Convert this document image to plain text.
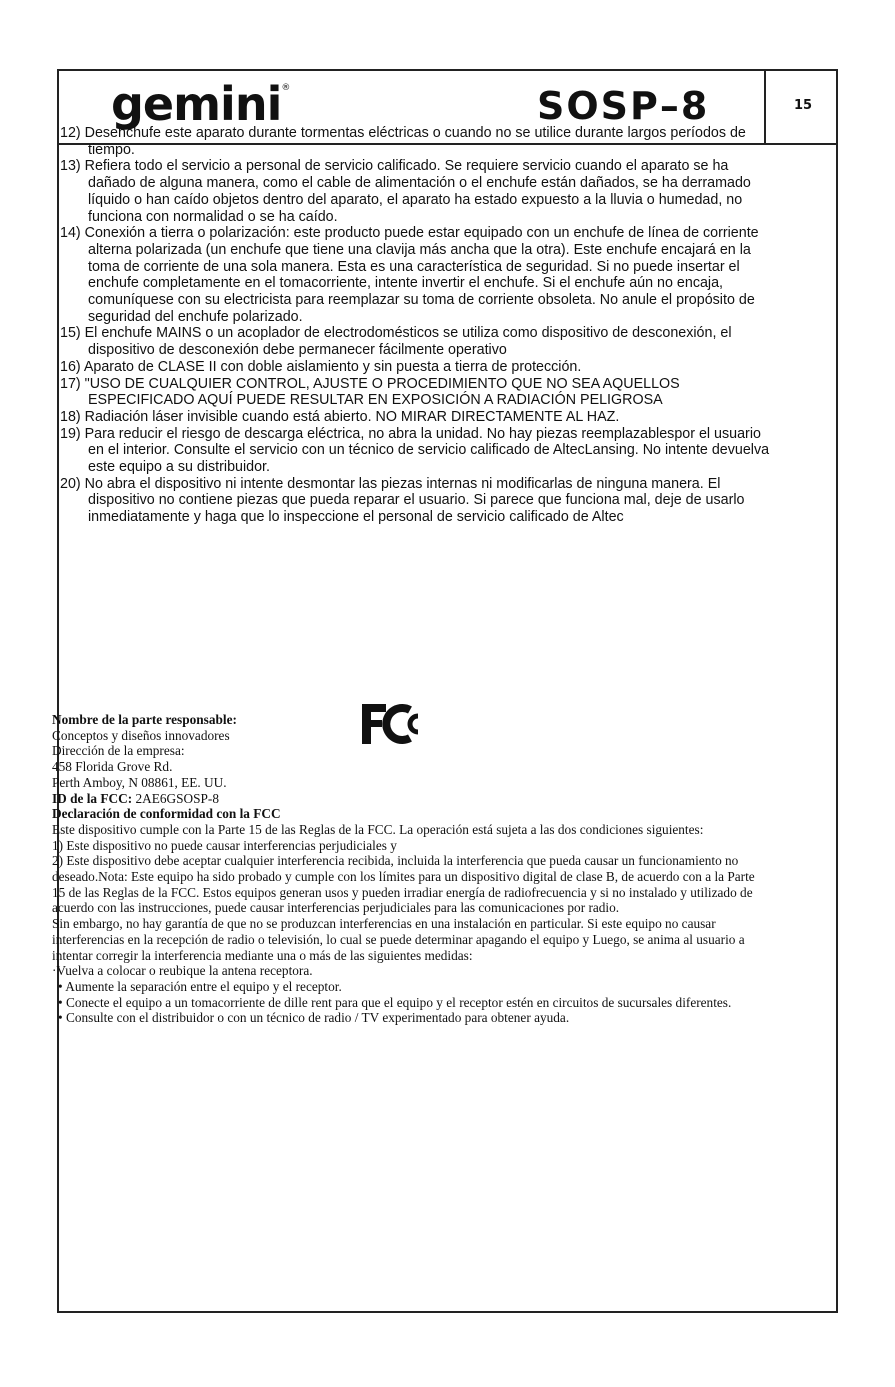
gemini®	SOSP–8	15

12) Desenchufe este aparato durante tormentas eléctricas o cuando no se utilice durante largos períodos de tiempo.

13) Refiera todo el servicio a personal de servicio calificado. Se requiere servicio cuando el aparato se ha dañado de alguna manera, como el cable de alimentación o el enchufe están dañados, se ha derramado líquido o han caído objetos dentro del aparato, el aparato ha estado expuesto a la lluvia o humedad, no funciona con normalidad o se ha caído.

14) Conexión a tierra o polarización: este producto puede estar equipado con un enchufe de línea de corriente alterna polarizada (un enchufe que tiene una clavija más ancha que la otra). Este enchufe encajará en la toma de corriente de una sola manera. Esta es una característica de seguridad. Si no puede insertar el enchufe completamente en el tomacorriente, intente invertir el enchufe. Si el enchufe aún no encaja, comuníquese con su electricista para reemplazar su toma de corriente obsoleta. No anule el propósito de seguridad del enchufe polarizado.

15) El enchufe MAINS o un acoplador de electrodomésticos se utiliza como dispositivo de desconexión, el dispositivo de desconexión debe permanecer fácilmente operativo

16) Aparato de CLASE II con doble aislamiento y sin puesta a tierra de protección.

17) "USO DE CUALQUIER CONTROL, AJUSTE O PROCEDIMIENTO QUE NO SEA AQUELLOS ESPECIFICADO AQUÍ PUEDE RESULTAR EN EXPOSICIÓN A RADIACIÓN PELIGROSA

18) Radiación láser invisible cuando está abierto. NO MIRAR DIRECTAMENTE AL HAZ.

19) Para reducir el riesgo de descarga eléctrica, no abra la unidad. No hay piezas reemplazablespor el usuario en el interior. Consulte el servicio con un técnico de servicio calificado de AltecLansing. No intente devuelva este equipo a su distribuidor.

20) No abra el dispositivo ni intente desmontar las piezas internas ni modificarlas de ninguna manera. El dispositivo no contiene piezas que pueda reparar el usuario. Si parece que funciona mal, deje de usarlo inmediatamente y haga que lo inspeccione el personal de servicio calificado de Altec

Nombre de la parte responsable:

Conceptos y diseños innovadores

Dirección de la empresa:

458 Florida Grove Rd.

Perth Amboy, N 08861, EE. UU.

ID de la FCC: 2AE6GSOSP-8

Declaración de conformidad con la FCC

Este dispositivo cumple con la Parte 15 de las Reglas de la FCC. La operación está sujeta a las dos condiciones siguientes:

1) Este dispositivo no puede causar interferencias perjudiciales y

2) Este dispositivo debe aceptar cualquier interferencia recibida, incluida la interferencia que pueda causar un funcionamiento no deseado.Nota: Este equipo ha sido probado y cumple con los límites para un dispositivo digital de clase B, de acuerdo con a la Parte 15 de las Reglas de la FCC. Estos equipos generan usos y pueden irradiar energía de radiofrecuencia y si no instalado y utilizado de acuerdo con las instrucciones, puede causar interferencias perjudiciales para las comunicaciones por radio.

Sin embargo, no hay garantía de que no se produzcan interferencias en una instalación en particular. Si este equipo no causar interferencias en la recepción de radio o televisión, lo cual se puede determinar apagando el equipo y Luego, se anima al usuario a intentar corregir la interferencia mediante una o más de las siguientes medidas:

·Vuelva a colocar o reubique la antena receptora.

• Aumente la separación entre el equipo y el receptor.

• Conecte el equipo a un tomacorriente de dille rent para que el equipo y el receptor estén en circuitos de sucursales diferentes.

• Consulte con el distribuidor o con un técnico de radio / TV experimentado para obtener ayuda.
